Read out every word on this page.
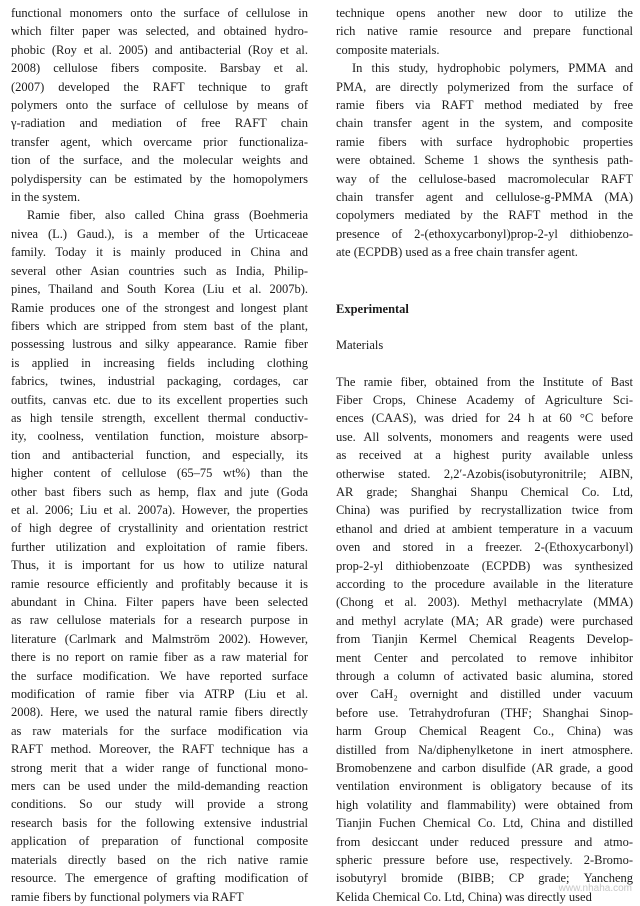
functional monomers onto the surface of cellulose in
which filter paper was selected, and obtained hydro-
phobic (Roy et al. 2005) and antibacterial (Roy et al.
2008) cellulose fibers composite. Barsbay et al.
(2007) developed the RAFT technique to graft
polymers onto the surface of cellulose by means of
γ-radiation and mediation of free RAFT chain
transfer agent, which overcame prior functionaliza-
tion of the surface, and the molecular weights and
polydispersity can be estimated by the homopolymers
in the system.
Ramie fiber, also called China grass (Boehmeria
nivea (L.) Gaud.), is a member of the Urticaceae
family. Today it is mainly produced in China and
several other Asian countries such as India, Philip-
pines, Thailand and South Korea (Liu et al. 2007b).
Ramie produces one of the strongest and longest plant
fibers which are stripped from stem bast of the plant,
possessing lustrous and silky appearance. Ramie fiber
is applied in increasing fields including clothing
fabrics, twines, industrial packaging, cordages, car
outfits, canvas etc. due to its excellent properties such
as high tensile strength, excellent thermal conductiv-
ity, coolness, ventilation function, moisture absorp-
tion and antibacterial function, and especially, its
higher content of cellulose (65–75 wt%) than the
other bast fibers such as hemp, flax and jute (Goda
et al. 2006; Liu et al. 2007a). However, the properties
of high degree of crystallinity and orientation restrict
further utilization and exploitation of ramie fibers.
Thus, it is important for us how to utilize natural
ramie resource efficiently and profitably because it is
abundant in China. Filter papers have been selected
as raw cellulose materials for a research purpose in
literature (Carlmark and Malmström 2002). However,
there is no report on ramie fiber as a raw material for
the surface modification. We have reported surface
modification of ramie fiber via ATRP (Liu et al.
2008). Here, we used the natural ramie fibers directly
as raw materials for the surface modification via
RAFT method. Moreover, the RAFT technique has a
strong merit that a wider range of functional mono-
mers can be used under the mild-demanding reaction
conditions. So our study will provide a strong
research basis for the following extensive industrial
application of preparation of functional composite
materials directly based on the rich native ramie
resource. The emergence of grafting modification of
ramie fibers by functional polymers via RAFT
technique opens another new door to utilize the
rich native ramie resource and prepare functional
composite materials.
In this study, hydrophobic polymers, PMMA and
PMA, are directly polymerized from the surface of
ramie fibers via RAFT method mediated by free
chain transfer agent in the system, and composite
ramie fibers with surface hydrophobic properties
were obtained. Scheme 1 shows the synthesis path-
way of the cellulose-based macromolecular RAFT
chain transfer agent and cellulose-g-PMMA (MA)
copolymers mediated by the RAFT method in the
presence of 2-(ethoxycarbonyl)prop-2-yl dithiobenzo-
ate (ECPDB) used as a free chain transfer agent.
Experimental
Materials
The ramie fiber, obtained from the Institute of Bast
Fiber Crops, Chinese Academy of Agriculture Sci-
ences (CAAS), was dried for 24 h at 60 °C before
use. All solvents, monomers and reagents were used
as received at a highest purity available unless
otherwise stated. 2,2′-Azobis(isobutyronitrile; AIBN,
AR grade; Shanghai Shanpu Chemical Co. Ltd,
China) was purified by recrystallization twice from
ethanol and dried at ambient temperature in a vacuum
oven and stored in a freezer. 2-(Ethoxycarbonyl)
prop-2-yl dithiobenzoate (ECPDB) was synthesized
according to the procedure available in the literature
(Chong et al. 2003). Methyl methacrylate (MMA)
and methyl acrylate (MA; AR grade) were purchased
from Tianjin Kermel Chemical Reagents Develop-
ment Center and percolated to remove inhibitor
through a column of activated basic alumina, stored
over CaH₂ overnight and distilled under vacuum
before use. Tetrahydrofuran (THF; Shanghai Sinop-
harm Group Chemical Reagent Co., China) was
distilled from Na/diphenylketone in inert atmosphere.
Bromobenzene and carbon disulfide (AR grade, a good
ventilation environment is obligatory because of its
high volatility and flammability) were obtained from
Tianjin Fuchen Chemical Co. Ltd, China and distilled
from desiccant under reduced pressure and atmo-
spheric pressure before use, respectively. 2-Bromo-
isobutyryl bromide (BIBB; CP grade; Yancheng
Kelida Chemical Co. Ltd, China) was directly used
www.nhaha.com
